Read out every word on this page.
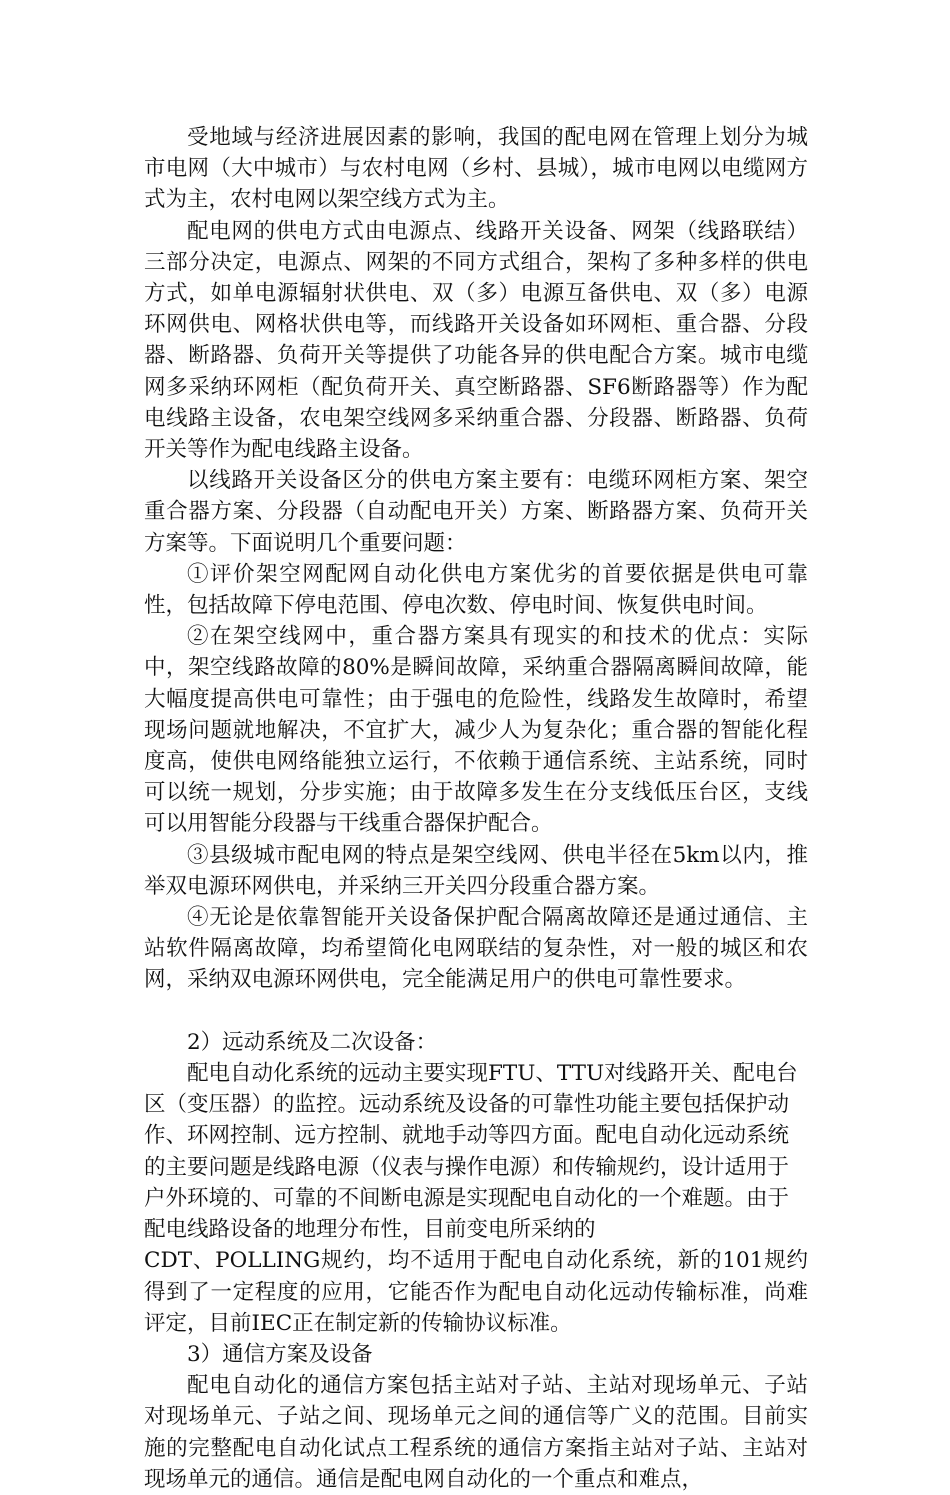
受地域与经济进展因素的影响，我国的配电网在管理上划分为城市电网（大中城市）与农村电网（乡村、县城），城市电网以电缆网方式为主，农村电网以架空线方式为主。

配电网的供电方式由电源点、线路开关设备、网架（线路联结）三部分决定，电源点、网架的不同方式组合，架构了多种多样的供电方式，如单电源辐射状供电、双（多）电源互备供电、双（多）电源环网供电、网格状供电等，而线路开关设备如环网柜、重合器、分段器、断路器、负荷开关等提供了功能各异的供电配合方案。城市电缆网多采纳环网柜（配负荷开关、真空断路器、SF6断路器等）作为配电线路主设备，农电架空线网多采纳重合器、分段器、断路器、负荷开关等作为配电线路主设备。

以线路开关设备区分的供电方案主要有：电缆环网柜方案、架空重合器方案、分段器（自动配电开关）方案、断路器方案、负荷开关方案等。下面说明几个重要问题：

①评价架空网配网自动化供电方案优劣的首要依据是供电可靠性，包括故障下停电范围、停电次数、停电时间、恢复供电时间。

②在架空线网中，重合器方案具有现实的和技术的优点：实际中，架空线路故障的80%是瞬间故障，采纳重合器隔离瞬间故障，能大幅度提高供电可靠性；由于强电的危险性，线路发生故障时，希望现场问题就地解决，不宜扩大，减少人为复杂化；重合器的智能化程度高，使供电网络能独立运行，不依赖于通信系统、主站系统，同时可以统一规划，分步实施；由于故障多发生在分支线低压台区，支线可以用智能分段器与干线重合器保护配合。

③县级城市配电网的特点是架空线网、供电半径在5km以内，推举双电源环网供电，并采纳三开关四分段重合器方案。

④无论是依靠智能开关设备保护配合隔离故障还是通过通信、主站软件隔离故障，均希望简化电网联结的复杂性，对一般的城区和农网，采纳双电源环网供电，完全能满足用户的供电可靠性要求。

2）远动系统及二次设备：

配电自动化系统的远动主要实现FTU、TTU对线路开关、配电台区（变压器）的监控。远动系统及设备的可靠性功能主要包括保护动作、环网控制、远方控制、就地手动等四方面。配电自动化远动系统的主要问题是线路电源（仪表与操作电源）和传输规约，设计适用于户外环境的、可靠的不间断电源是实现配电自动化的一个难题。由于配电线路设备的地理分布性，目前变电所采纳的

CDT、POLLING规约，均不适用于配电自动化系统，新的101规约得到了一定程度的应用，它能否作为配电自动化远动传输标准，尚难评定，目前IEC正在制定新的传输协议标准。

3）通信方案及设备

配电自动化的通信方案包括主站对子站、主站对现场单元、子站对现场单元、子站之间、现场单元之间的通信等广义的范围。目前实施的完整配电自动化试点工程系统的通信方案指主站对子站、主站对现场单元的通信。通信是配电网自动化的一个重点和难点，
